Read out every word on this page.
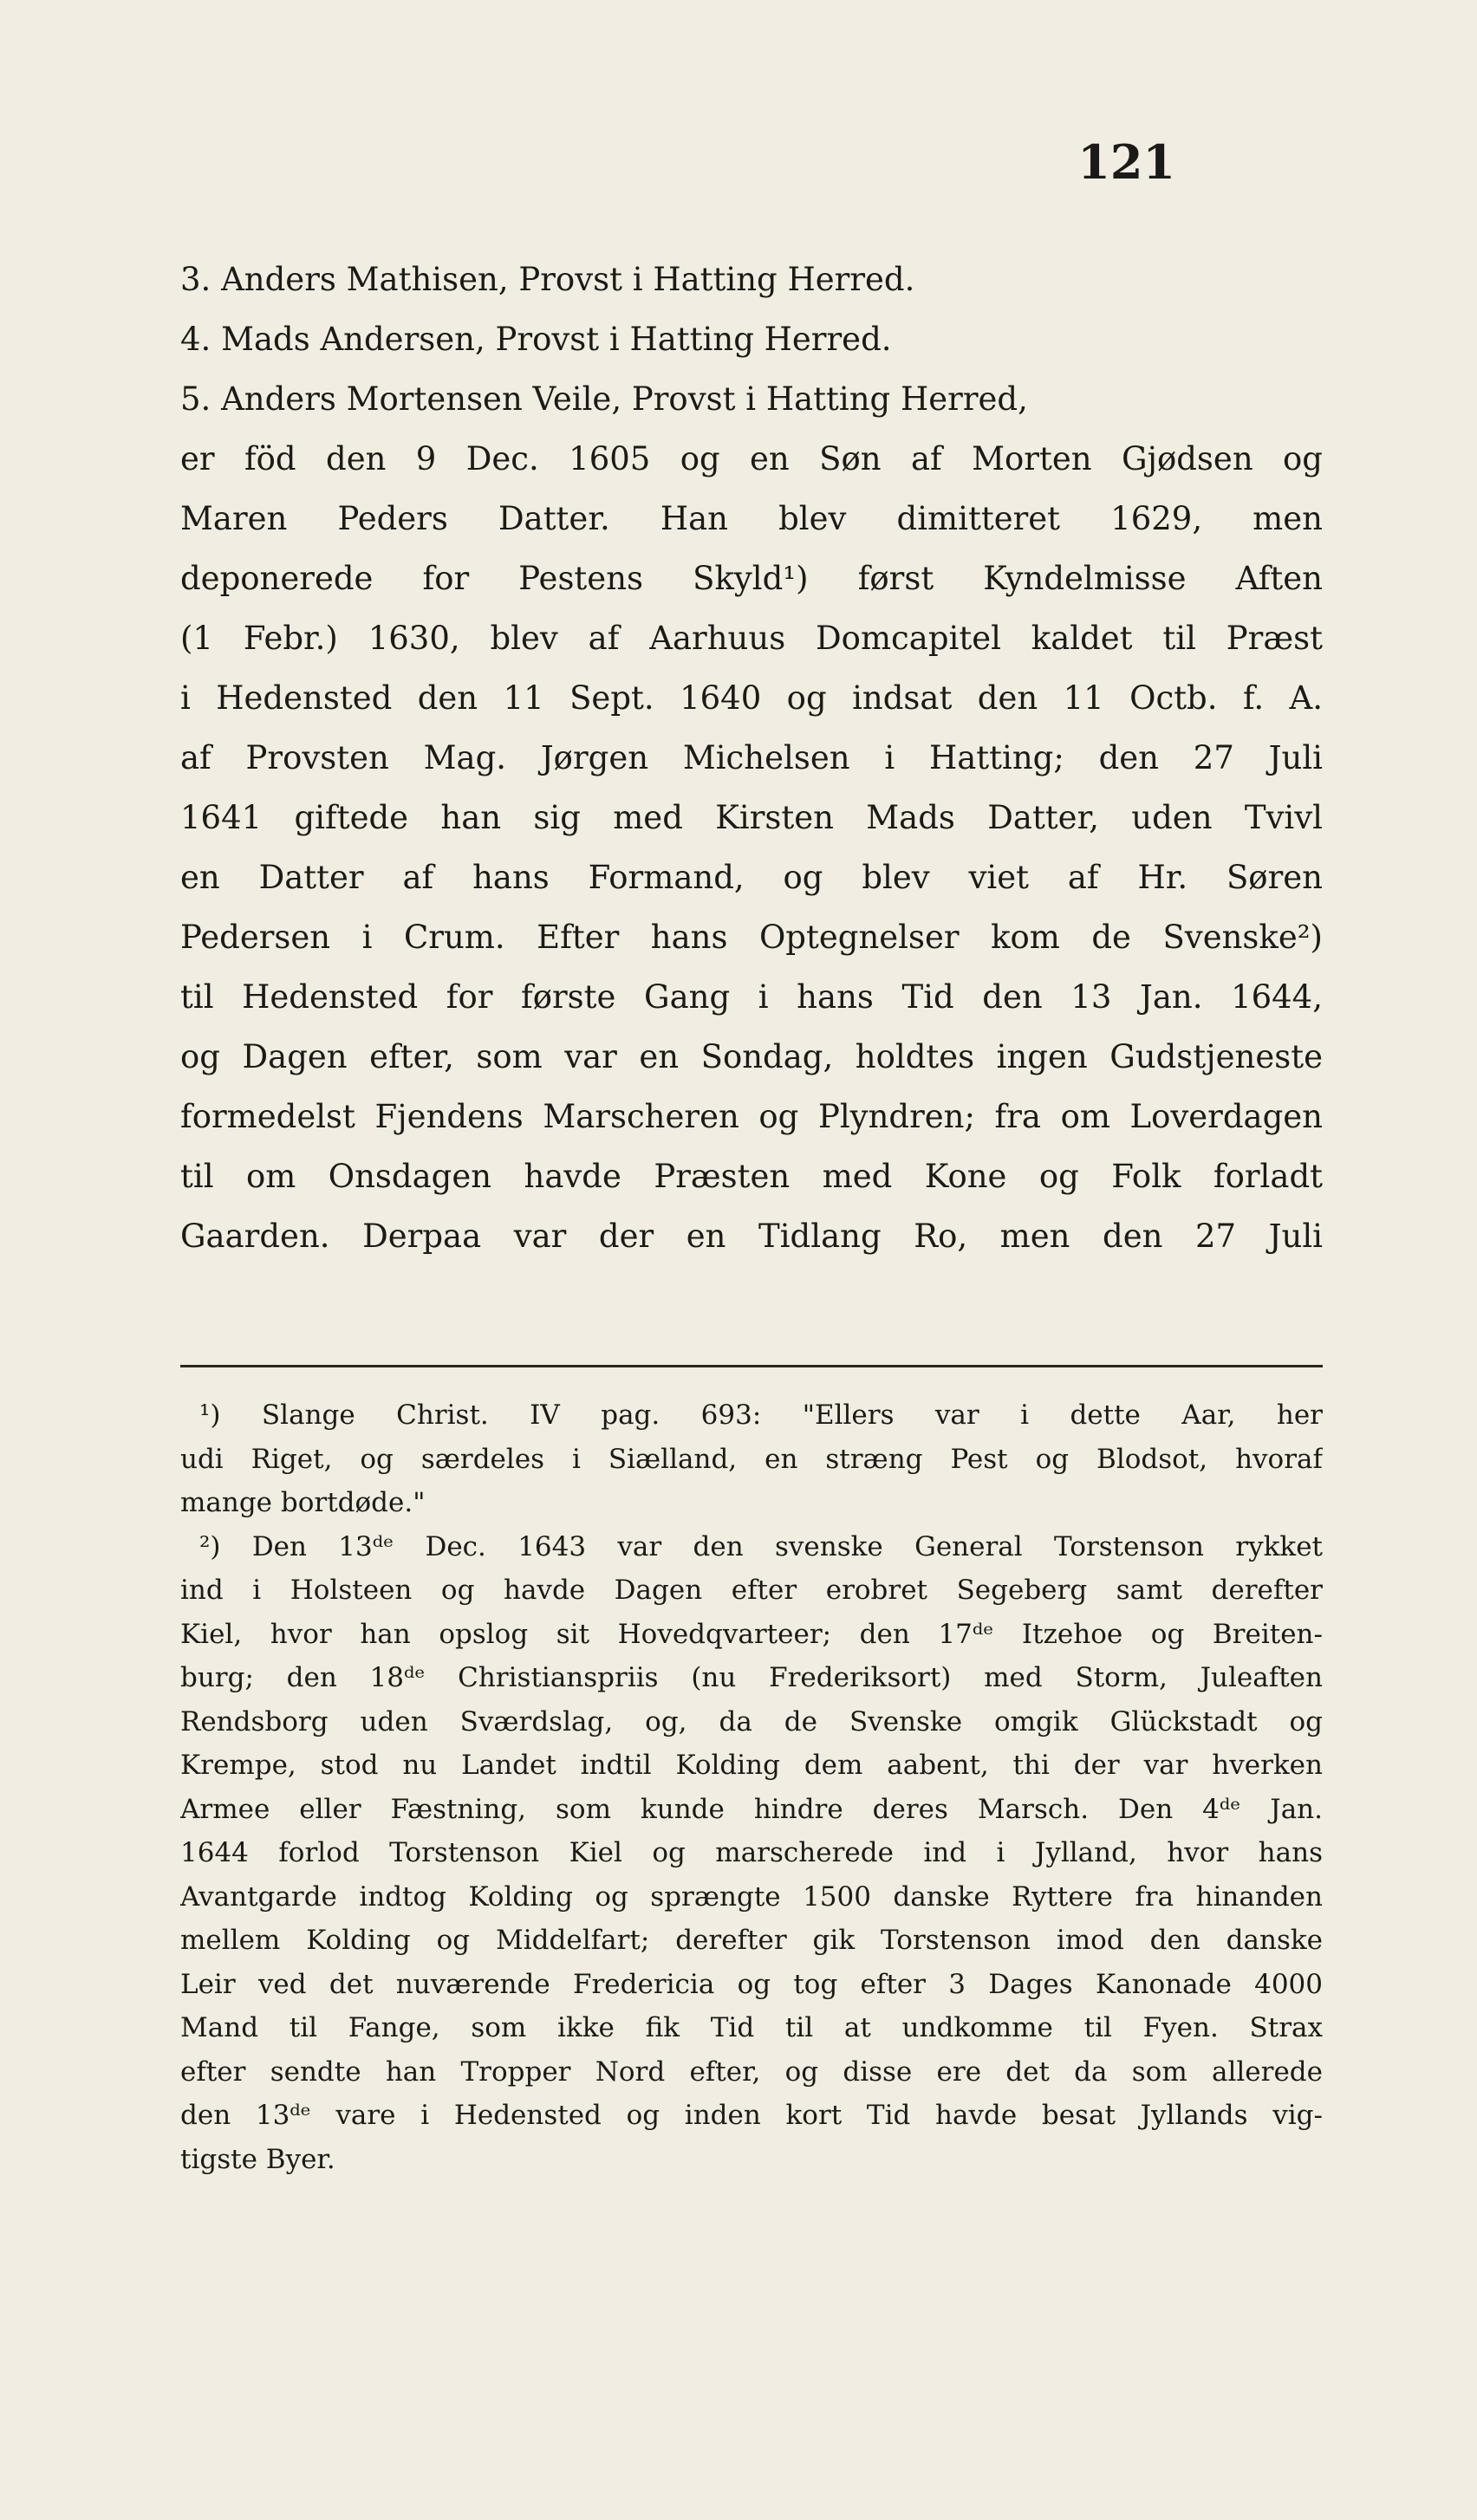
121
3. Anders Mathisen, Provst i Hatting Herred.
4. Mads Andersen, Provst i Hatting Herred.
5. Anders Mortensen Veile, Provst i Hatting Herred,
er föd den 9 Dec. 1605 og en Søn af Morten Gjødsen og
Maren Peders Datter. Han blev dimitteret 1629, men
deponerede for Pestens Skyld¹) først Kyndelmisse Aften
(1 Febr.) 1630, blev af Aarhuus Domcapitel kaldet til Præst
i Hedensted den 11 Sept. 1640 og indsat den 11 Octb. f. A.
af Provsten Mag. Jørgen Michelsen i Hatting; den 27 Juli
1641 giftede han sig med Kirsten Mads Datter, uden Tvivl
en Datter af hans Formand, og blev viet af Hr. Søren
Pedersen i Crum. Efter hans Optegnelser kom de Svenske²)
til Hedensted for første Gang i hans Tid den 13 Jan. 1644,
og Dagen efter, som var en Sondag, holdtes ingen Gudstjeneste
formedelst Fjendens Marscheren og Plyndren; fra om Loverdagen
til om Onsdagen havde Præsten med Kone og Folk forladt
Gaarden. Derpaa var der en Tidlang Ro, men den 27 Juli
¹) Slange Christ. IV pag. 693: "Ellers var i dette Aar, her
udi Riget, og særdeles i Siælland, en stræng Pest og Blodsot, hvoraf
mange bortdøde."
²) Den 13ᵈᵉ Dec. 1643 var den svenske General Torstenson rykket
ind i Holsteen og havde Dagen efter erobret Segeberg samt derefter
Kiel, hvor han opslog sit Hovedqvarteer; den 17ᵈᵉ Itzehoe og Breiten-
burg; den 18ᵈᵉ Christianspriis (nu Frederiksort) med Storm, Juleaften
Rendsborg uden Sværdslag, og, da de Svenske omgik Glückstadt og
Krempe, stod nu Landet indtil Kolding dem aabent, thi der var hverken
Armee eller Fæstning, som kunde hindre deres Marsch. Den 4ᵈᵉ Jan.
1644 forlod Torstenson Kiel og marscherede ind i Jylland, hvor hans
Avantgarde indtog Kolding og sprængte 1500 danske Ryttere fra hinanden
mellem Kolding og Middelfart; derefter gik Torstenson imod den danske
Leir ved det nuværende Fredericia og tog efter 3 Dages Kanonade 4000
Mand til Fange, som ikke fik Tid til at undkomme til Fyen. Strax
efter sendte han Tropper Nord efter, og disse ere det da som allerede
den 13ᵈᵉ vare i Hedensted og inden kort Tid havde besat Jyllands vig-
tigste Byer.
